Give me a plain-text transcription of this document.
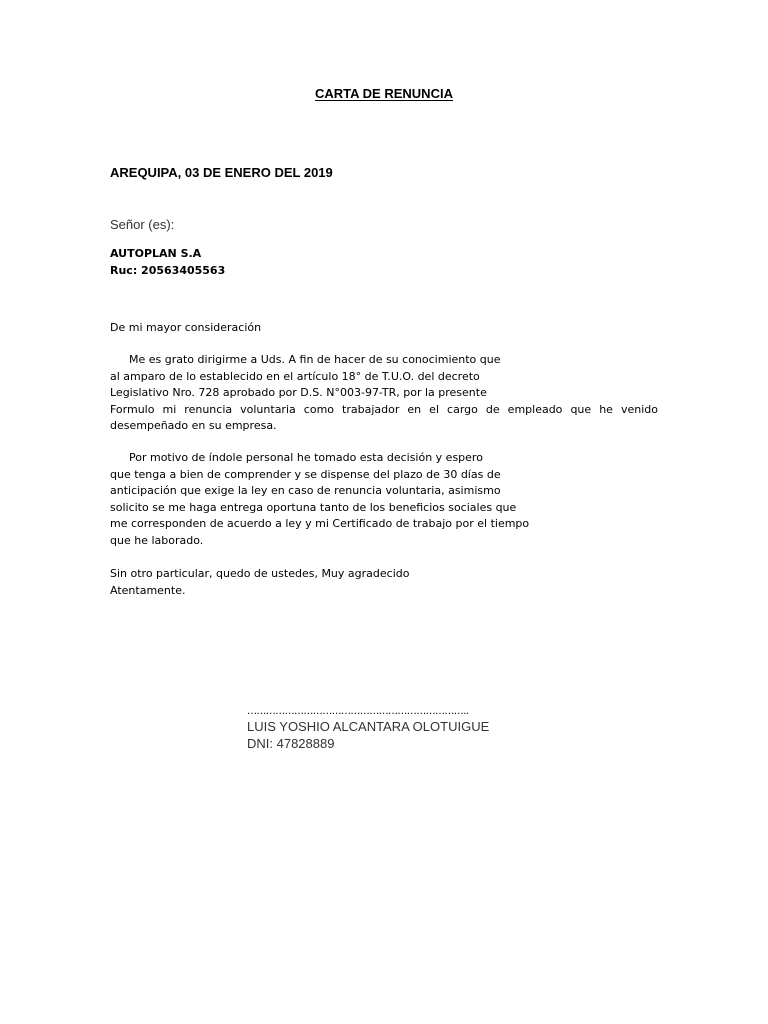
CARTA DE RENUNCIA
AREQUIPA, 03 DE ENERO DEL 2019
Señor (es):
AUTOPLAN S.A
Ruc: 20563405563
De mi mayor consideración
Me es grato dirigirme a Uds. A fin de hacer de su conocimiento que
al amparo de lo establecido en el artículo 18° de T.U.O. del decreto
Legislativo Nro. 728 aprobado por D.S. N°003-97-TR, por la presente
Formulo mi renuncia voluntaria como trabajador en el cargo de empleado que he venido
desempeñado en su empresa.
Por motivo de índole personal he tomado esta decisión y espero
que tenga a bien de comprender y se dispense del plazo de 30 días de
anticipación que exige la ley en caso de renuncia voluntaria, asimismo
solicito se me haga entrega oportuna tanto de los beneficios sociales que
me corresponden de acuerdo a ley y mi Certificado de trabajo por el tiempo
que he laborado.
Sin otro particular, quedo de ustedes, Muy agradecido
Atentamente.
……………………………………………………………..
LUIS YOSHIO ALCANTARA OLOTUIGUE
DNI: 47828889
